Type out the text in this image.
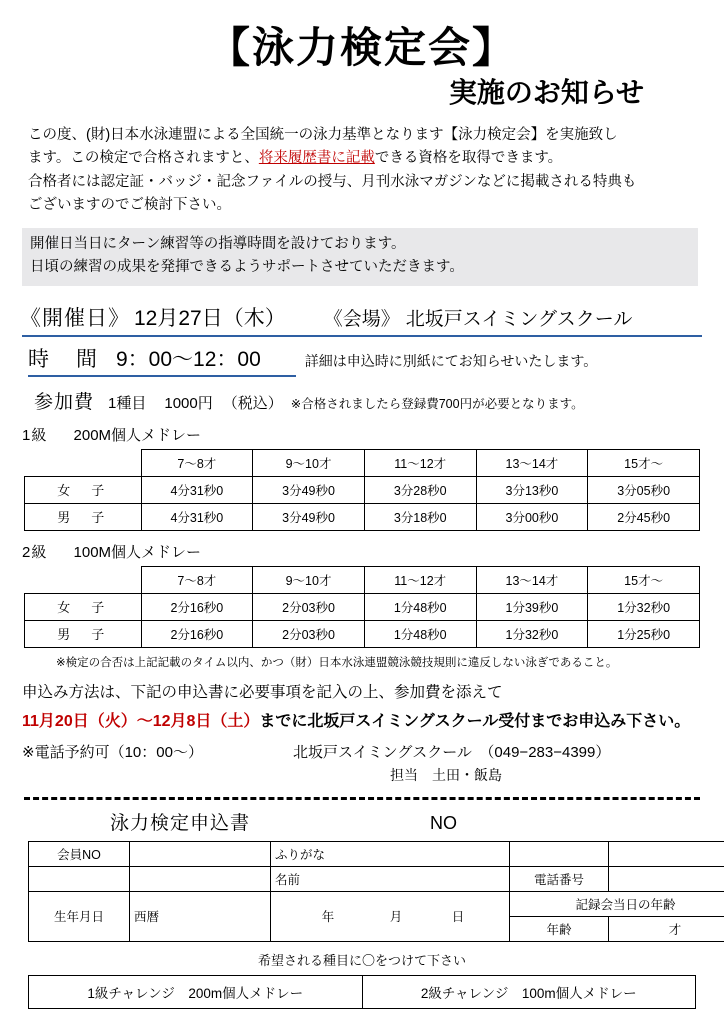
【泳力検定会】
実施のお知らせ

この度、(財)日本水泳連盟による全国統一の泳力基準となります【泳力検定会】を実施致し

ます。この検定で合格されますと、将来履歴書に記載できる資格を取得できます。

合格者には認定証・バッジ・記念ファイルの授与、月刊水泳マガジンなどに掲載される特典も

ございますのでご検討下さい。

開催日当日にターン練習等の指導時間を設けております。

日頃の練習の成果を発揮できるようサポートさせていただきます。

《開催日》 12月27日（木） 《会場》 北坂戸スイミングスクール
時　間 9：00〜12：00	詳細は申込時に別紙にてお知らせいたします。
参加費 1種目 1000円 （税込） ※合格されましたら登録費700円が必要となります。
1級 200M個人メドレー
	7〜8才	9〜10才	11〜12才	13〜14才	15才〜
女　子	4分31秒0	3分49秒0	3分28秒0	3分13秒0	3分05秒0
男　子	4分31秒0	3分49秒0	3分18秒0	3分00秒0	2分45秒0
2級 100M個人メドレー
	7〜8才	9〜10才	11〜12才	13〜14才	15才〜
女　子	2分16秒0	2分03秒0	1分48秒0	1分39秒0	1分32秒0
男　子	2分16秒0	2分03秒0	1分48秒0	1分32秒0	1分25秒0
※検定の合否は上記記載のタイム以内、かつ（財）日本水泳連盟競泳競技規則に違反しない泳ぎであること。
申込み方法は、下記の申込書に必要事項を記入の上、参加費を添えて
11月20日（火）〜12月8日（土）までに北坂戸スイミングスクール受付までお申込み下さい。
※電話予約可（10：00〜）	北坂戸スイミングスクール　（049−283−4399）
担当　土田・飯島
泳力検定申込書	NO
会員NO		ふりがな		
		名前	電話番号	
生年月日	西暦	年 月 日	記録会当日の年齢	
			年齢	才
希望される種目に〇をつけて下さい
1級チャレンジ　200m個人メドレー	2級チャレンジ　100m個人メドレー
